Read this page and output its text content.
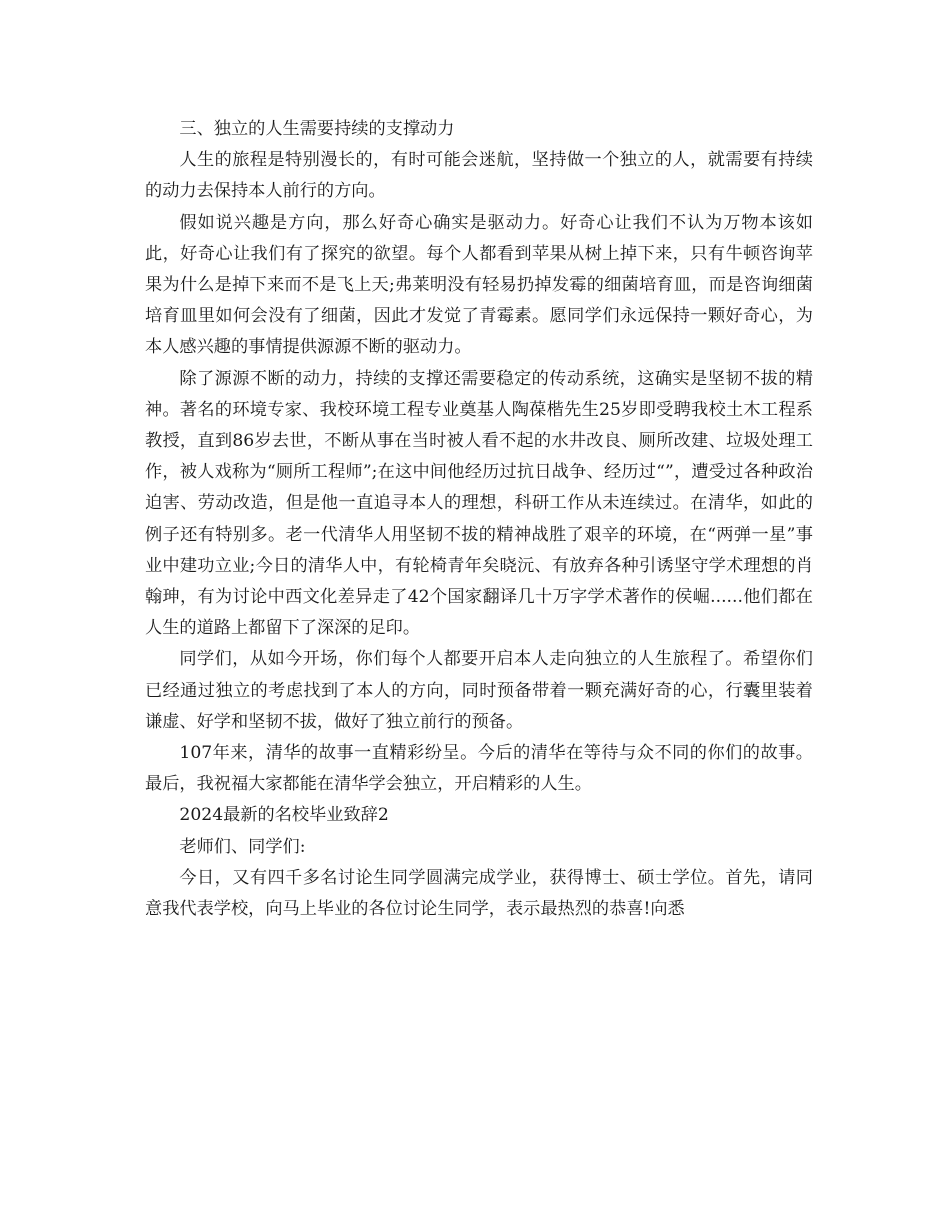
三、独立的人生需要持续的支撑动力

人生的旅程是特别漫长的，有时可能会迷航，坚持做一个独立的人，就需要有持续的动力去保持本人前行的方向。

假如说兴趣是方向，那么好奇心确实是驱动力。好奇心让我们不认为万物本该如此，好奇心让我们有了探究的欲望。每个人都看到苹果从树上掉下来，只有牛顿咨询苹果为什么是掉下来而不是飞上天;弗莱明没有轻易扔掉发霉的细菌培育皿，而是咨询细菌培育皿里如何会没有了细菌，因此才发觉了青霉素。愿同学们永远保持一颗好奇心，为本人感兴趣的事情提供源源不断的驱动力。

除了源源不断的动力，持续的支撑还需要稳定的传动系统，这确实是坚韧不拔的精神。著名的环境专家、我校环境工程专业奠基人陶葆楷先生25岁即受聘我校土木工程系教授，直到86岁去世，不断从事在当时被人看不起的水井改良、厕所改建、垃圾处理工作，被人戏称为“厕所工程师”;在这中间他经历过抗日战争、经历过“”，遭受过各种政治迫害、劳动改造，但是他一直追寻本人的理想，科研工作从未连续过。在清华，如此的例子还有特别多。老一代清华人用坚韧不拔的精神战胜了艰辛的环境，在“两弹一星”事业中建功立业;今日的清华人中，有轮椅青年矣晓沅、有放弃各种引诱坚守学术理想的肖翰珅，有为讨论中西文化差异走了42个国家翻译几十万字学术著作的侯崛......他们都在人生的道路上都留下了深深的足印。

同学们，从如今开场，你们每个人都要开启本人走向独立的人生旅程了。希望你们已经通过独立的考虑找到了本人的方向，同时预备带着一颗充满好奇的心，行囊里装着谦虚、好学和坚韧不拔，做好了独立前行的预备。

107年来，清华的故事一直精彩纷呈。今后的清华在等待与众不同的你们的故事。最后，我祝福大家都能在清华学会独立，开启精彩的人生。

2024最新的名校毕业致辞2

老师们、同学们:

今日，又有四千多名讨论生同学圆满完成学业，获得博士、硕士学位。首先，请同意我代表学校，向马上毕业的各位讨论生同学，表示最热烈的恭喜!向悉
